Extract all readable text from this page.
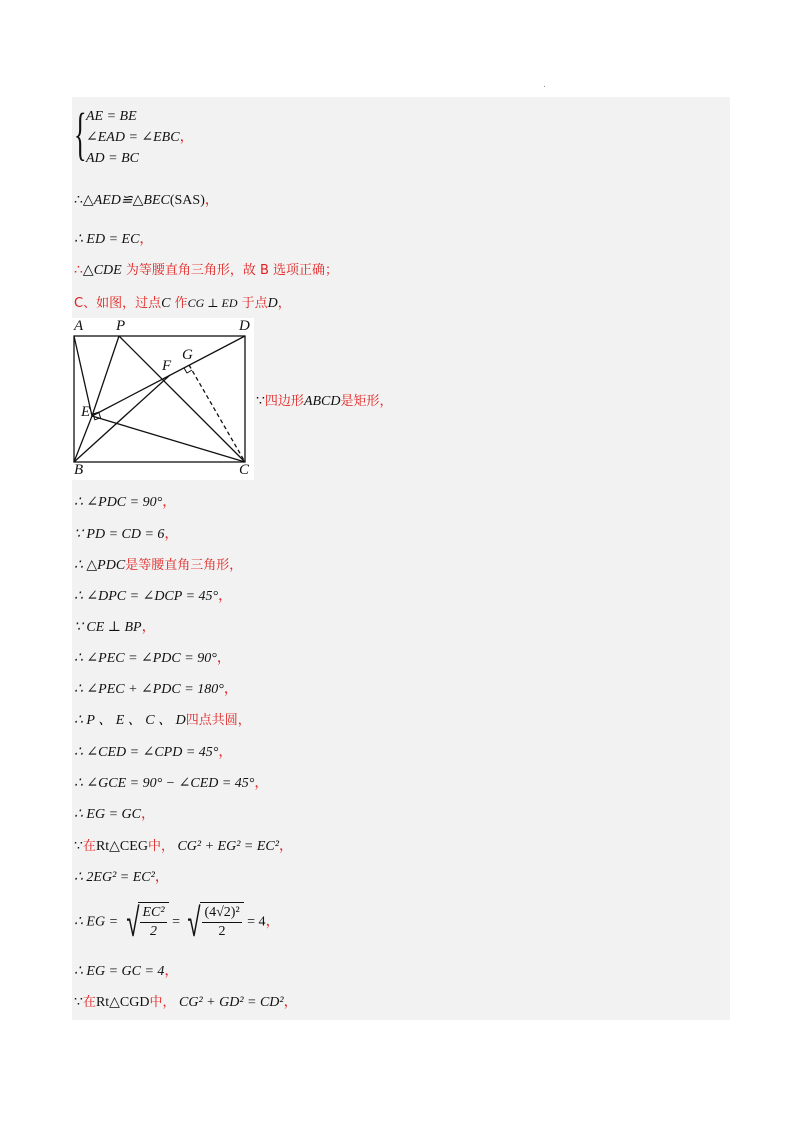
.
{ AE = BE
∠EAD = ∠EBC，
AD = BC
∴△AED≌△BEC(SAS)，
∴ ED = EC，
∴△CDE 为等腰直角三角形，故 B 选项正确；
C、如图，过点C 作CG ⊥ ED 于点D，
A P	D
G
F
E
B	C
∵四边形ABCD是矩形，
∴ ∠PDC = 90°，
∵ PD = CD = 6，
∴ △PDC是等腰直角三角形，
∴ ∠DPC = ∠DCP = 45°，
∵ CE ⊥ BP，
∴ ∠PEC = ∠PDC = 90°，
∴ ∠PEC + ∠PDC = 180°，
∴ P 、 E 、 C 、 D四点共圆，
∴ ∠CED = ∠CPD = 45°，
∴ ∠GCE = 90° − ∠CED = 45°，
∴ EG = GC，
∵在Rt△CEG中， CG² + EG² = EC²，
∴ 2EG² = EC²，
∴ EG = √ $\frac{\text{EC²}}{2}$ = √ $\frac{\text{(4√2)²}}{2} = 4$，
∴ EG = GC = 4，
∵在Rt△CGD中， CG² + GD² = CD²，
